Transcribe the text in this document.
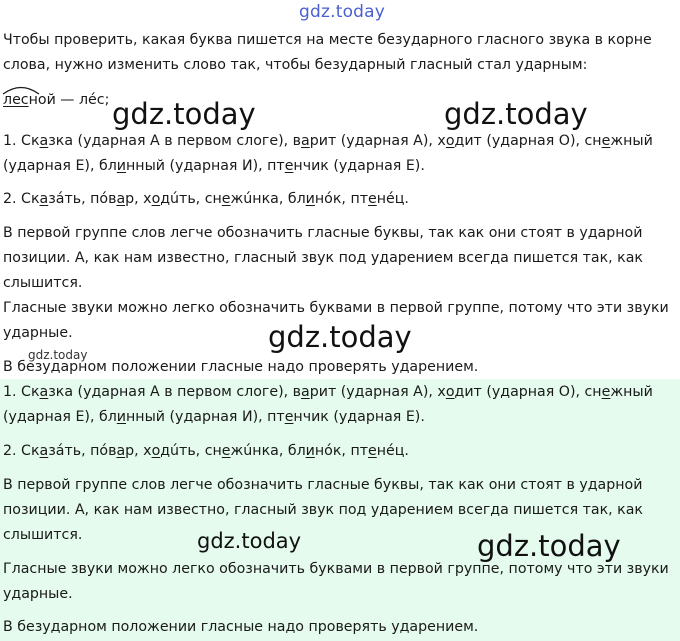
gdz.today
Чтобы проверить, какая буква пишется на месте безударного гласного звука в корне
слова, нужно изменить слово так, чтобы безударный гласный стал ударным:
лесной — лéс;
1. Сказка (ударная А в первом слоге), варит (ударная А), ходит (ударная О), снежный
(ударная Е), блинный (ударная И), птенчик (ударная Е).
2. Сказáть, пóвар, ходúть, снежúнка, блинóк, птенéц.
В первой группе слов легче обозначить гласные буквы, так как они стоят в ударной
позиции. А, как нам известно, гласный звук под ударением всегда пишется так, как
слышится.
Гласные звуки можно легко обозначить буквами в первой группе, потому что эти звуки
ударные.
В безударном положении гласные надо проверять ударением.
1. Сказка (ударная А в первом слоге), варит (ударная А), ходит (ударная О), снежный
(ударная Е), блинный (ударная И), птенчик (ударная Е).
2. Сказáть, пóвар, ходúть, снежúнка, блинóк, птенéц.
В первой группе слов легче обозначить гласные буквы, так как они стоят в ударной
позиции. А, как нам известно, гласный звук под ударением всегда пишется так, как
слышится.
Гласные звуки можно легко обозначить буквами в первой группе, потому что эти звуки
ударные.
В безударном положении гласные надо проверять ударением.
gdz.today	gdz.today
gdz.today
gdz.today
gdz.today	gdz.today
